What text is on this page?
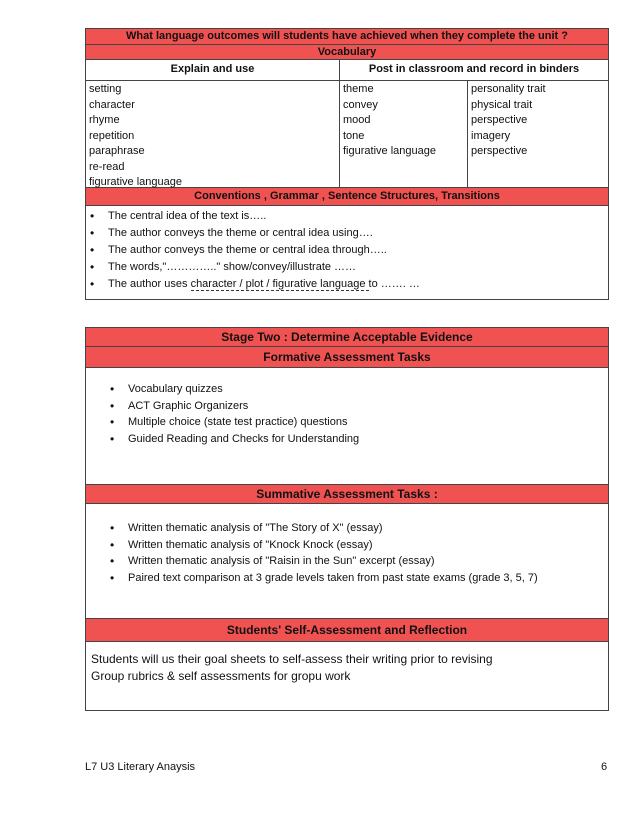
What language outcomes will students have achieved when they complete the unit ?
Vocabulary
Explain and use	Post in classroom and record in binders
setting
character
rhyme
repetition
paraphrase
re-read
figurative language
theme
convey
mood
tone
figurative language
personality trait
physical trait
perspective
imagery
perspective
Conventions , Grammar , Sentence Structures, Transitions
• The central idea of the text is…..
• The author conveys the theme or central idea using….
• The author conveys the theme or central idea through…..
• The words,"………….." show/convey/illustrate ……
• The author uses character / plot / figurative language to ……. …
Stage Two : Determine Acceptable Evidence
Formative Assessment Tasks
• Vocabulary quizzes
• ACT Graphic Organizers
• Multiple choice (state test practice) questions
• Guided Reading and Checks for Understanding
Summative Assessment Tasks :
• Written thematic analysis of "The Story of X" (essay)
• Written thematic analysis of "Knock Knock (essay)
• Written thematic analysis of "Raisin in the Sun" excerpt (essay)
• Paired text comparison at 3 grade levels taken from past state exams (grade 3, 5, 7)
Students' Self-Assessment and Reflection
Students will us their goal sheets to self-assess their writing prior to revising
Group rubrics & self assessments for gropu work
L7 U3 Literary Anaysis	6
